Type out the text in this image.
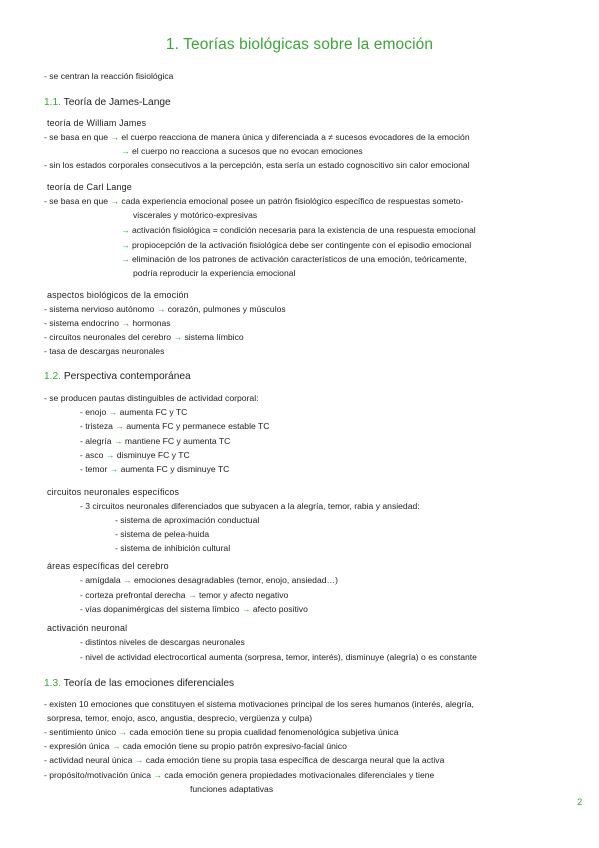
1. Teorías biológicas sobre la emoción
- se centran la reacción fisiológica
1.1. Teoría de James-Lange
teoría de William James
- se basa en que → el cuerpo reacciona de manera única y diferenciada a ≠ sucesos evocadores de la emoción
→ el cuerpo no reacciona a sucesos que no evocan emociones
- sin los estados corporales consecutivos a la percepción, esta sería un estado cognoscitivo sin calor emocional
teoría de Carl Lange
- se basa en que → cada experiencia emocional posee un patrón fisiológico específico de respuestas someto-
viscerales y motórico-expresivas
→ activación fisiológica = condición necesaria para la existencia de una respuesta emocional
→ propiocepción de la activación fisiológica debe ser contingente con el episodio emocional
→ eliminación de los patrones de activación característicos de una emoción, teóricamente,
podría reproducir la experiencia emocional
aspectos biológicos de la emoción
- sistema nervioso autónomo → corazón, pulmones y músculos
- sistema endocrino → hormonas
- circuitos neuronales del cerebro → sistema límbico
- tasa de descargas neuronales
1.2. Perspectiva contemporánea
- se producen pautas distinguibles de actividad corporal:
- enojo → aumenta FC y TC
- tristeza → aumenta FC y permanece estable TC
- alegría → mantiene FC y aumenta TC
- asco → disminuye FC y TC
- temor → aumenta FC y disminuye TC
circuitos neuronales específicos
- 3 circuitos neuronales diferenciados que subyacen a la alegría, temor, rabia y ansiedad:
- sistema de aproximación conductual
- sistema de pelea-huida
- sistema de inhibición cultural
áreas específicas del cerebro
- amígdala → emociones desagradables (temor, enojo, ansiedad…)
- corteza prefrontal derecha → temor y afecto negativo
- vías dopanimérgicas del sistema límbico → afecto positivo
activación neuronal
- distintos niveles de descargas neuronales
- nivel de actividad electrocortical aumenta (sorpresa, temor, interés), disminuye (alegría) o es constante
1.3. Teoría de las emociones diferenciales
- existen 10 emociones que constituyen el sistema motivaciones principal de los seres humanos (interés, alegría,
sorpresa, temor, enojo, asco, angustia, desprecio, vergüenza y culpa)
- sentimiento único → cada emoción tiene su propia cualidad fenomenológica subjetiva única
- expresión única → cada emoción tiene su propio patrón expresivo-facial único
- actividad neural única → cada emoción tiene su propia tasa específica de descarga neural que la activa
- propósito/motivación única → cada emoción genera propiedades motivacionales diferenciales y tiene
funciones adaptativas
2
